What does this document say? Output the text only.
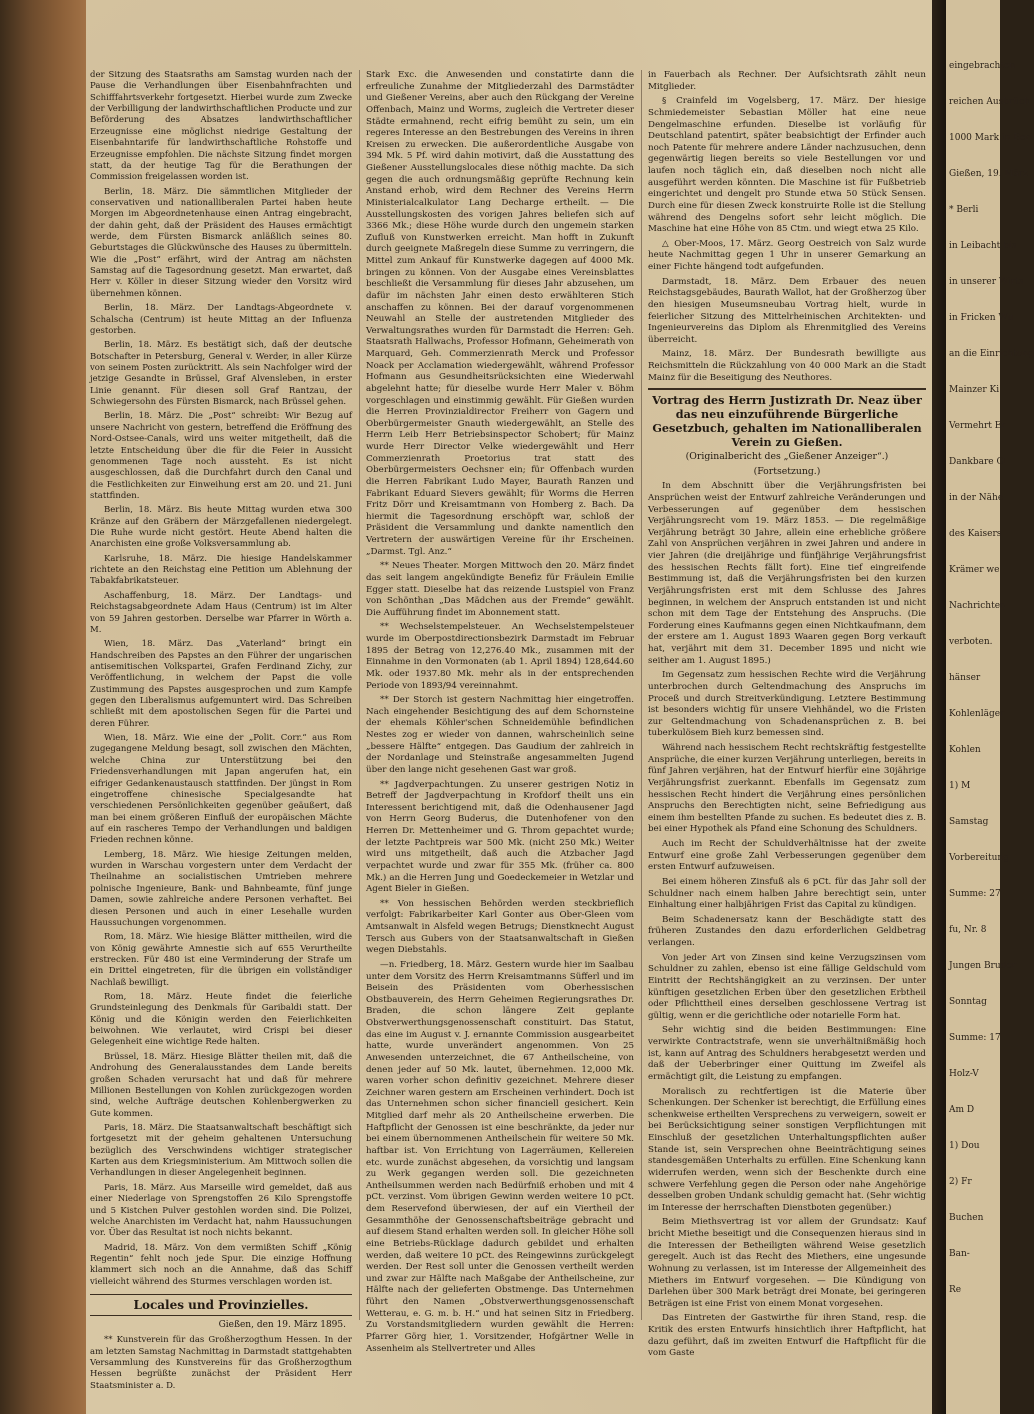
der Sitzung des Staatsraths am Samstag wurden nach der Pause die Verhandlungen über Eisenbahnfrachten und Schifffahrtsverkehr fortgesetzt. Hierbei wurde zum Zwecke der Verbilligung der landwirthschaftlichen Producte und zur Beförderung des Absatzes landwirthschaftlicher Erzeugnisse eine möglichst niedrige Gestaltung der Eisenbahntarife für landwirthschaftliche Rohstoffe und Erzeugnisse empfohlen. Die nächste Sitzung findet morgen statt, da der heutige Tag für die Berathungen der Commission freigelassen worden ist.

Berlin, 18. März. Die sämmtlichen Mitglieder der conservativen und nationalliberalen Partei haben heute Morgen im Abgeordnetenhause einen Antrag eingebracht, der dahin geht, daß der Präsident des Hauses ermächtigt werde, dem Fürsten Bismarck anläßlich seines 80. Geburtstages die Glückwünsche des Hauses zu übermitteln. Wie die „Post“ erfährt, wird der Antrag am nächsten Samstag auf die Tagesordnung gesetzt. Man erwartet, daß Herr v. Köller in dieser Sitzung wieder den Vorsitz wird übernehmen können.

Berlin, 18. März. Der Landtags-Abgeordnete v. Schalscha (Centrum) ist heute Mittag an der Influenza gestorben.

Berlin, 18. März. Es bestätigt sich, daß der deutsche Botschafter in Petersburg, General v. Werder, in aller Kürze von seinem Posten zurücktritt. Als sein Nachfolger wird der jetzige Gesandte in Brüssel, Graf Alvensleben, in erster Linie genannt. Für diesen soll Graf Rantzau, der Schwiegersohn des Fürsten Bismarck, nach Brüssel gehen.

Berlin, 18. März. Die „Post“ schreibt: Wir Bezug auf unsere Nachricht von gestern, betreffend die Eröffnung des Nord-Ostsee-Canals, wird uns weiter mitgetheilt, daß die letzte Entscheidung über die für die Feier in Aussicht genommenen Tage noch aussteht. Es ist nicht ausgeschlossen, daß die Durchfahrt durch den Canal und die Festlichkeiten zur Einweihung erst am 20. und 21. Juni stattfinden.

Berlin, 18. März. Bis heute Mittag wurden etwa 300 Kränze auf den Gräbern der Märzgefallenen niedergelegt. Die Ruhe wurde nicht gestört. Heute Abend halten die Anarchisten eine große Volksversammlung ab.

Karlsruhe, 18. März. Die hiesige Handelskammer richtete an den Reichstag eine Petition um Ablehnung der Tabakfabrikatsteuer.

Aschaffenburg, 18. März. Der Landtags- und Reichstagsabgeordnete Adam Haus (Centrum) ist im Alter von 59 Jahren gestorben. Derselbe war Pfarrer in Wörth a. M.

Wien, 18. März. Das „Vaterland“ bringt ein Handschreiben des Papstes an den Führer der ungarischen antisemitischen Volkspartei, Grafen Ferdinand Zichy, zur Veröffentlichung, in welchem der Papst die volle Zustimmung des Papstes ausgesprochen und zum Kampfe gegen den Liberalismus aufgemuntert wird. Das Schreiben schließt mit dem apostolischen Segen für die Partei und deren Führer.

Wien, 18. März. Wie eine der „Polit. Corr.“ aus Rom zugegangene Meldung besagt, soll zwischen den Mächten, welche China zur Unterstützung bei den Friedensverhandlungen mit Japan angerufen hat, ein eifriger Gedankenaustausch stattfinden. Der jüngst in Rom eingetroffene chinesische Specialgesandte hat verschiedenen Persönlichkeiten gegenüber geäußert, daß man bei einem größeren Einfluß der europäischen Mächte auf ein rascheres Tempo der Verhandlungen und baldigen Frieden rechnen könne.

Lemberg, 18. März. Wie hiesige Zeitungen melden, wurden in Warschau vorgestern unter dem Verdacht der Theilnahme an socialistischen Umtrieben mehrere polnische Ingenieure, Bank- und Bahnbeamte, fünf junge Damen, sowie zahlreiche andere Personen verhaftet. Bei diesen Personen und auch in einer Lesehalle wurden Haussuchungen vorgenommen.

Rom, 18. März. Wie hiesige Blätter mittheilen, wird die von König gewährte Amnestie sich auf 655 Verurtheilte erstrecken. Für 480 ist eine Verminderung der Strafe um ein Drittel eingetreten, für die übrigen ein vollständiger Nachlaß bewilligt.

Rom, 18. März. Heute findet die feierliche Grundsteinlegung des Denkmals für Garibaldi statt. Der König und die Königin werden den Feierlichkeiten beiwohnen. Wie verlautet, wird Crispi bei dieser Gelegenheit eine wichtige Rede halten.

Brüssel, 18. März. Hiesige Blätter theilen mit, daß die Androhung des Generalausstandes dem Lande bereits großen Schaden verursacht hat und daß für mehrere Millionen Bestellungen von Kohlen zurückgezogen worden sind, welche Aufträge deutschen Kohlenbergwerken zu Gute kommen.

Paris, 18. März. Die Staatsanwaltschaft beschäftigt sich fortgesetzt mit der geheim gehaltenen Untersuchung bezüglich des Verschwindens wichtiger strategischer Karten aus dem Kriegsministerium. Am Mittwoch sollen die Verhandlungen in dieser Angelegenheit beginnen.

Paris, 18. März. Aus Marseille wird gemeldet, daß aus einer Niederlage von Sprengstoffen 26 Kilo Sprengstoffe und 5 Kistchen Pulver gestohlen worden sind. Die Polizei, welche Anarchisten im Verdacht hat, nahm Haussuchungen vor. Über das Resultat ist noch nichts bekannt.

Madrid, 18. März. Von dem vermißten Schiff „König Regentin“ fehlt noch jede Spur. Die einzige Hoffnung klammert sich noch an die Annahme, daß das Schiff vielleicht während des Sturmes verschlagen worden ist.

Locales und Provinzielles.
Gießen, den 19. März 1895.

** Kunstverein für das Großherzogthum Hessen. In der am letzten Samstag Nachmittag in Darmstadt stattgehabten Versammlung des Kunstvereins für das Großherzogthum Hessen begrüßte zunächst der Präsident Herr Staatsminister a. D.

Stark Exc. die Anwesenden und constatirte dann die erfreuliche Zunahme der Mitgliederzahl des Darmstädter und Gießener Vereins, aber auch den Rückgang der Vereine Offenbach, Mainz und Worms, zugleich die Vertreter dieser Städte ermahnend, recht eifrig bemüht zu sein, um ein regeres Interesse an den Bestrebungen des Vereins in ihren Kreisen zu erwecken. Die außerordentliche Ausgabe von 394 Mk. 5 Pf. wird dahin motivirt, daß die Ausstattung des Gießener Ausstellungslocales diese nöthig machte. Da sich gegen die auch ordnungsmäßig geprüfte Rechnung kein Anstand erhob, wird dem Rechner des Vereins Herrn Ministerialcalkulator Lang Decharge ertheilt. — Die Ausstellungskosten des vorigen Jahres beliefen sich auf 3366 Mk.; diese Höhe wurde durch den ungemein starken Zufluß von Kunstwerken erreicht. Man hofft in Zukunft durch geeignete Maßregeln diese Summe zu verringern, die Mittel zum Ankauf für Kunstwerke dagegen auf 4000 Mk. bringen zu können. Von der Ausgabe eines Vereinsblattes beschließt die Versammlung für dieses Jahr abzusehen, um dafür im nächsten Jahr einen desto erwählteren Stich anschaffen zu können. Bei der darauf vorgenommenen Neuwahl an Stelle der austretenden Mitglieder des Verwaltungsrathes wurden für Darmstadt die Herren: Geh. Staatsrath Hallwachs, Professor Hofmann, Geheimerath von Marquard, Geh. Commerzienrath Merck und Professor Noack per Acclamation wiedergewählt, während Professor Hofmann aus Gesundheitsrücksichten eine Wiederwahl abgelehnt hatte; für dieselbe wurde Herr Maler v. Böhm vorgeschlagen und einstimmig gewählt. Für Gießen wurden die Herren Provinzialdirector Freiherr von Gagern und Oberbürgermeister Gnauth wiedergewählt, an Stelle des Herrn Leib Herr Betriebsinspector Schobert; für Mainz wurde Herr Director Velke wiedergewählt und Herr Commerzienrath Proetorius trat statt des Oberbürgermeisters Oechsner ein; für Offenbach wurden die Herren Fabrikant Ludo Mayer, Baurath Ranzen und Fabrikant Eduard Sievers gewählt; für Worms die Herren Fritz Dörr und Kreisamtmann von Homberg z. Bach. Da hiermit die Tagesordnung erschöpft war, schloß der Präsident die Versammlung und dankte namentlich den Vertretern der auswärtigen Vereine für ihr Erscheinen. „Darmst. Tgl. Anz.“

** Neues Theater. Morgen Mittwoch den 20. März findet das seit langem angekündigte Benefiz für Fräulein Emilie Egger statt. Dieselbe hat das reizende Lustspiel von Franz von Schönthan „Das Mädchen aus der Fremde“ gewählt. Die Aufführung findet im Abonnement statt.

** Wechselstempelsteuer. An Wechselstempelsteuer wurde im Oberpostdirectionsbezirk Darmstadt im Februar 1895 der Betrag von 12,276.40 Mk., zusammen mit der Einnahme in den Vormonaten (ab 1. April 1894) 128,644.60 Mk. oder 1937.80 Mk. mehr als in der entsprechenden Periode von 1893/94 vereinnahmt.

** Der Storch ist gestern Nachmittag hier eingetroffen. Nach eingehender Besichtigung des auf dem Schornsteine der ehemals Köhler'schen Schneidemühle befindlichen Nestes zog er wieder von dannen, wahrscheinlich seine „bessere Hälfte“ entgegen. Das Gaudium der zahlreich in der Nordanlage und Steinstraße angesammelten Jugend über den lange nicht gesehenen Gast war groß.

** Jagdverpachtungen. Zu unserer gestrigen Notiz in Betreff der Jagdverpachtung in Krofdorf theilt uns ein Interessent berichtigend mit, daß die Odenhausener Jagd von Herrn Georg Buderus, die Dutenhofener von den Herren Dr. Mettenheimer und G. Throm gepachtet wurde; der letzte Pachtpreis war 500 Mk. (nicht 250 Mk.) Weiter wird uns mitgetheilt, daß auch die Atzbacher Jagd verpachtet wurde und zwar für 355 Mk. (früher ca. 800 Mk.) an die Herren Jung und Goedeckemeier in Wetzlar und Agent Bieler in Gießen.

** Von hessischen Behörden werden steckbrieflich verfolgt: Fabrikarbeiter Karl Gonter aus Ober-Gleen vom Amtsanwalt in Alsfeld wegen Betrugs; Dienstknecht August Tersch aus Gubers von der Staatsanwaltschaft in Gießen wegen Diebstahls.

—n. Friedberg, 18. März. Gestern wurde hier im Saalbau unter dem Vorsitz des Herrn Kreisamtmanns Süfferl und im Beisein des Präsidenten vom Oberhessischen Obstbauverein, des Herrn Geheimen Regierungsrathes Dr. Braden, die schon längere Zeit geplante Obstverwerthungsgenossenschaft constituirt. Das Statut, das eine im August v. J. ernannte Commission ausgearbeitet hatte, wurde unverändert angenommen. Von 25 Anwesenden unterzeichnet, die 67 Antheilscheine, von denen jeder auf 50 Mk. lautet, übernehmen. 12,000 Mk. waren vorher schon definitiv gezeichnet. Mehrere dieser Zeichner waren gestern am Erscheinen verhindert. Doch ist das Unternehmen schon sicher financiell gesichert. Kein Mitglied darf mehr als 20 Antheilscheine erwerben. Die Haftpflicht der Genossen ist eine beschränkte, da jeder nur bei einem übernommenen Antheilschein für weitere 50 Mk. haftbar ist. Von Errichtung von Lagerräumen, Kellereien etc. wurde zunächst abgesehen, da vorsichtig und langsam zu Werk gegangen werden soll. Die gezeichneten Antheilsummen werden nach Bedürfniß erhoben und mit 4 pCt. verzinst. Vom übrigen Gewinn werden weitere 10 pCt. dem Reservefond überwiesen, der auf ein Viertheil der Gesammthöhe der Genossenschaftsbeiträge gebracht und auf diesem Stand erhalten werden soll. In gleicher Höhe soll eine Betriebs-Rücklage dadurch gebildet und erhalten werden, daß weitere 10 pCt. des Reingewinns zurückgelegt werden. Der Rest soll unter die Genossen vertheilt werden und zwar zur Hälfte nach Maßgabe der Antheilscheine, zur Hälfte nach der gelieferten Obstmenge. Das Unternehmen führt den Namen „Obstverwerthungsgenossenschaft Wetterau, e. G. m. b. H.“ und hat seinen Sitz in Friedberg. Zu Vorstandsmitgliedern wurden gewählt die Herren: Pfarrer Görg hier, 1. Vorsitzender, Hofgärtner Welle in Assenheim als Stellvertreter und Alles

in Fauerbach als Rechner. Der Aufsichtsrath zählt neun Mitglieder.

§ Crainfeld im Vogelsberg, 17. März. Der hiesige Schmiedemeister Sebastian Möller hat eine neue Dengelmaschine erfunden. Dieselbe ist vorläufig für Deutschland patentirt, später beabsichtigt der Erfinder auch noch Patente für mehrere andere Länder nachzusuchen, denn gegenwärtig liegen bereits so viele Bestellungen vor und laufen noch täglich ein, daß dieselben noch nicht alle ausgeführt werden könnten. Die Maschine ist für Fußbetrieb eingerichtet und dengelt pro Stunde etwa 50 Stück Sensen. Durch eine für diesen Zweck konstruirte Rolle ist die Stellung während des Dengelns sofort sehr leicht möglich. Die Maschine hat eine Höhe von 85 Ctm. und wiegt etwa 25 Kilo.

△ Ober-Moos, 17. März. Georg Oestreich von Salz wurde heute Nachmittag gegen 1 Uhr in unserer Gemarkung an einer Fichte hängend todt aufgefunden.

Darmstadt, 18. März. Dem Erbauer des neuen Reichstagsgebäudes, Baurath Wallot, hat der Großherzog über den hiesigen Museumsneubau Vortrag hielt, wurde in feierlicher Sitzung des Mittelrheinischen Architekten- und Ingenieurvereins das Diplom als Ehrenmitglied des Vereins überreicht.

Mainz, 18. März. Der Bundesrath bewilligte aus Reichsmitteln die Rückzahlung von 40 000 Mark an die Stadt Mainz für die Beseitigung des Neuthores.

Vortrag des Herrn Justizrath Dr. Neaz über das neu einzuführende Bürgerliche Gesetzbuch, gehalten im Nationalliberalen Verein zu Gießen.
(Originalbericht des „Gießener Anzeiger“.)
(Fortsetzung.)

In dem Abschnitt über die Verjährungsfristen bei Ansprüchen weist der Entwurf zahlreiche Veränderungen und Verbesserungen auf gegenüber dem hessischen Verjährungsrecht vom 19. März 1853. — Die regelmäßige Verjährung beträgt 30 Jahre, allein eine erhebliche größere Zahl von Ansprüchen verjähren in zwei Jahren und andere in vier Jahren (die dreijährige und fünfjährige Verjährungsfrist des hessischen Rechts fällt fort). Eine tief eingreifende Bestimmung ist, daß die Verjährungsfristen bei den kurzen Verjährungsfristen erst mit dem Schlusse des Jahres beginnen, in welchem der Anspruch entstanden ist und nicht schon mit dem Tage der Entstehung des Anspruchs. (Die Forderung eines Kaufmanns gegen einen Nichtkaufmann, dem der erstere am 1. August 1893 Waaren gegen Borg verkauft hat, verjährt mit dem 31. December 1895 und nicht wie seither am 1. August 1895.)

Im Gegensatz zum hessischen Rechte wird die Verjährung unterbrochen durch Geltendmachung des Anspruchs im Proceß und durch Streitverkündigung. Letztere Bestimmung ist besonders wichtig für unsere Viehhändel, wo die Fristen zur Geltendmachung von Schadenansprüchen z. B. bei tuberkulösem Bieh kurz bemessen sind.

Während nach hessischem Recht rechtskräftig festgestellte Ansprüche, die einer kurzen Verjährung unterliegen, bereits in fünf Jahren verjähren, hat der Entwurf hierfür eine 30jährige Verjährungsfrist zuerkannt. Ebenfalls im Gegensatz zum hessischen Recht hindert die Verjährung eines persönlichen Anspruchs den Berechtigten nicht, seine Befriedigung aus einem ihm bestellten Pfande zu suchen. Es bedeutet dies z. B. bei einer Hypothek als Pfand eine Schonung des Schuldners.

Auch im Recht der Schuldverhältnisse hat der zweite Entwurf eine große Zahl Verbesserungen gegenüber dem ersten Entwurf aufzuweisen.

Bei einem höheren Zinsfuß als 6 pCt. für das Jahr soll der Schuldner nach einem halben Jahre berechtigt sein, unter Einhaltung einer halbjährigen Frist das Capital zu kündigen.

Beim Schadenersatz kann der Beschädigte statt des früheren Zustandes den dazu erforderlichen Geldbetrag verlangen.

Von jeder Art von Zinsen sind keine Verzugszinsen vom Schuldner zu zahlen, ebenso ist eine fällige Geldschuld vom Eintritt der Rechtshängigkeit an zu verzinsen. Der unter künftigen gesetzlichen Erben über den gesetzlichen Erbtheil oder Pflichttheil eines derselben geschlossene Vertrag ist gültig, wenn er die gerichtliche oder notarielle Form hat.

Sehr wichtig sind die beiden Bestimmungen: Eine verwirkte Contractstrafe, wenn sie unverhältnißmäßig hoch ist, kann auf Antrag des Schuldners herabgesetzt werden und daß der Ueberbringer einer Quittung im Zweifel als ermächtigt gilt, die Leistung zu empfangen.

Moralisch zu rechtfertigen ist die Materie über Schenkungen. Der Schenker ist berechtigt, die Erfüllung eines schenkweise ertheilten Versprechens zu verweigern, soweit er bei Berücksichtigung seiner sonstigen Verpflichtungen mit Einschluß der gesetzlichen Unterhaltungspflichten außer Stande ist, sein Versprechen ohne Beeinträchtigung seines standesgemäßen Unterhalts zu erfüllen. Eine Schenkung kann widerrufen werden, wenn sich der Beschenkte durch eine schwere Verfehlung gegen die Person oder nahe Angehörige desselben groben Undank schuldig gemacht hat. (Sehr wichtig im Interesse der herrschaften Dienstboten gegenüber.)

Beim Miethsvertrag ist vor allem der Grundsatz: Kauf bricht Miethe beseitigt und die Consequenzen hieraus sind in die Interessen der Betheiligten während Weise gesetzlich geregelt. Auch ist das Recht des Miethers, eine ungesunde Wohnung zu verlassen, ist im Interesse der Allgemeinheit des Miethers im Entwurf vorgesehen. — Die Kündigung von Darlehen über 300 Mark beträgt drei Monate, bei geringeren Beträgen ist eine Frist von einem Monat vorgesehen.

Das Eintreten der Gastwirthe für ihren Stand, resp. die Kritik des ersten Entwurfs hinsichtlich ihrer Haftpflicht, hat dazu geführt, daß im zweiten Entwurf die Haftpflicht für die vom Gaste

eingebrachten
reichen Ausbrüch
1000 Mark in Beri
Gießen, 19. März
* Berli
in Leibacht bis
in unserer Wirts
in Fricken Wu
an die Einrichtung
Mainzer Ki
Vermehrt Er
Dankbare Gl
in der Nähe
des Kaisers
Krämer we
Nachrichten
verboten.
hänser
Kohlenläger
Kohlen
1) M
Samstag
Vorbereitung
Summe: 27
fu, Nr. 8
Jungen Bruder
Sonntag
Summe: 17
Holz-V
Am D
1) Dou
2) Fr
Buchen
Ban-
Re
